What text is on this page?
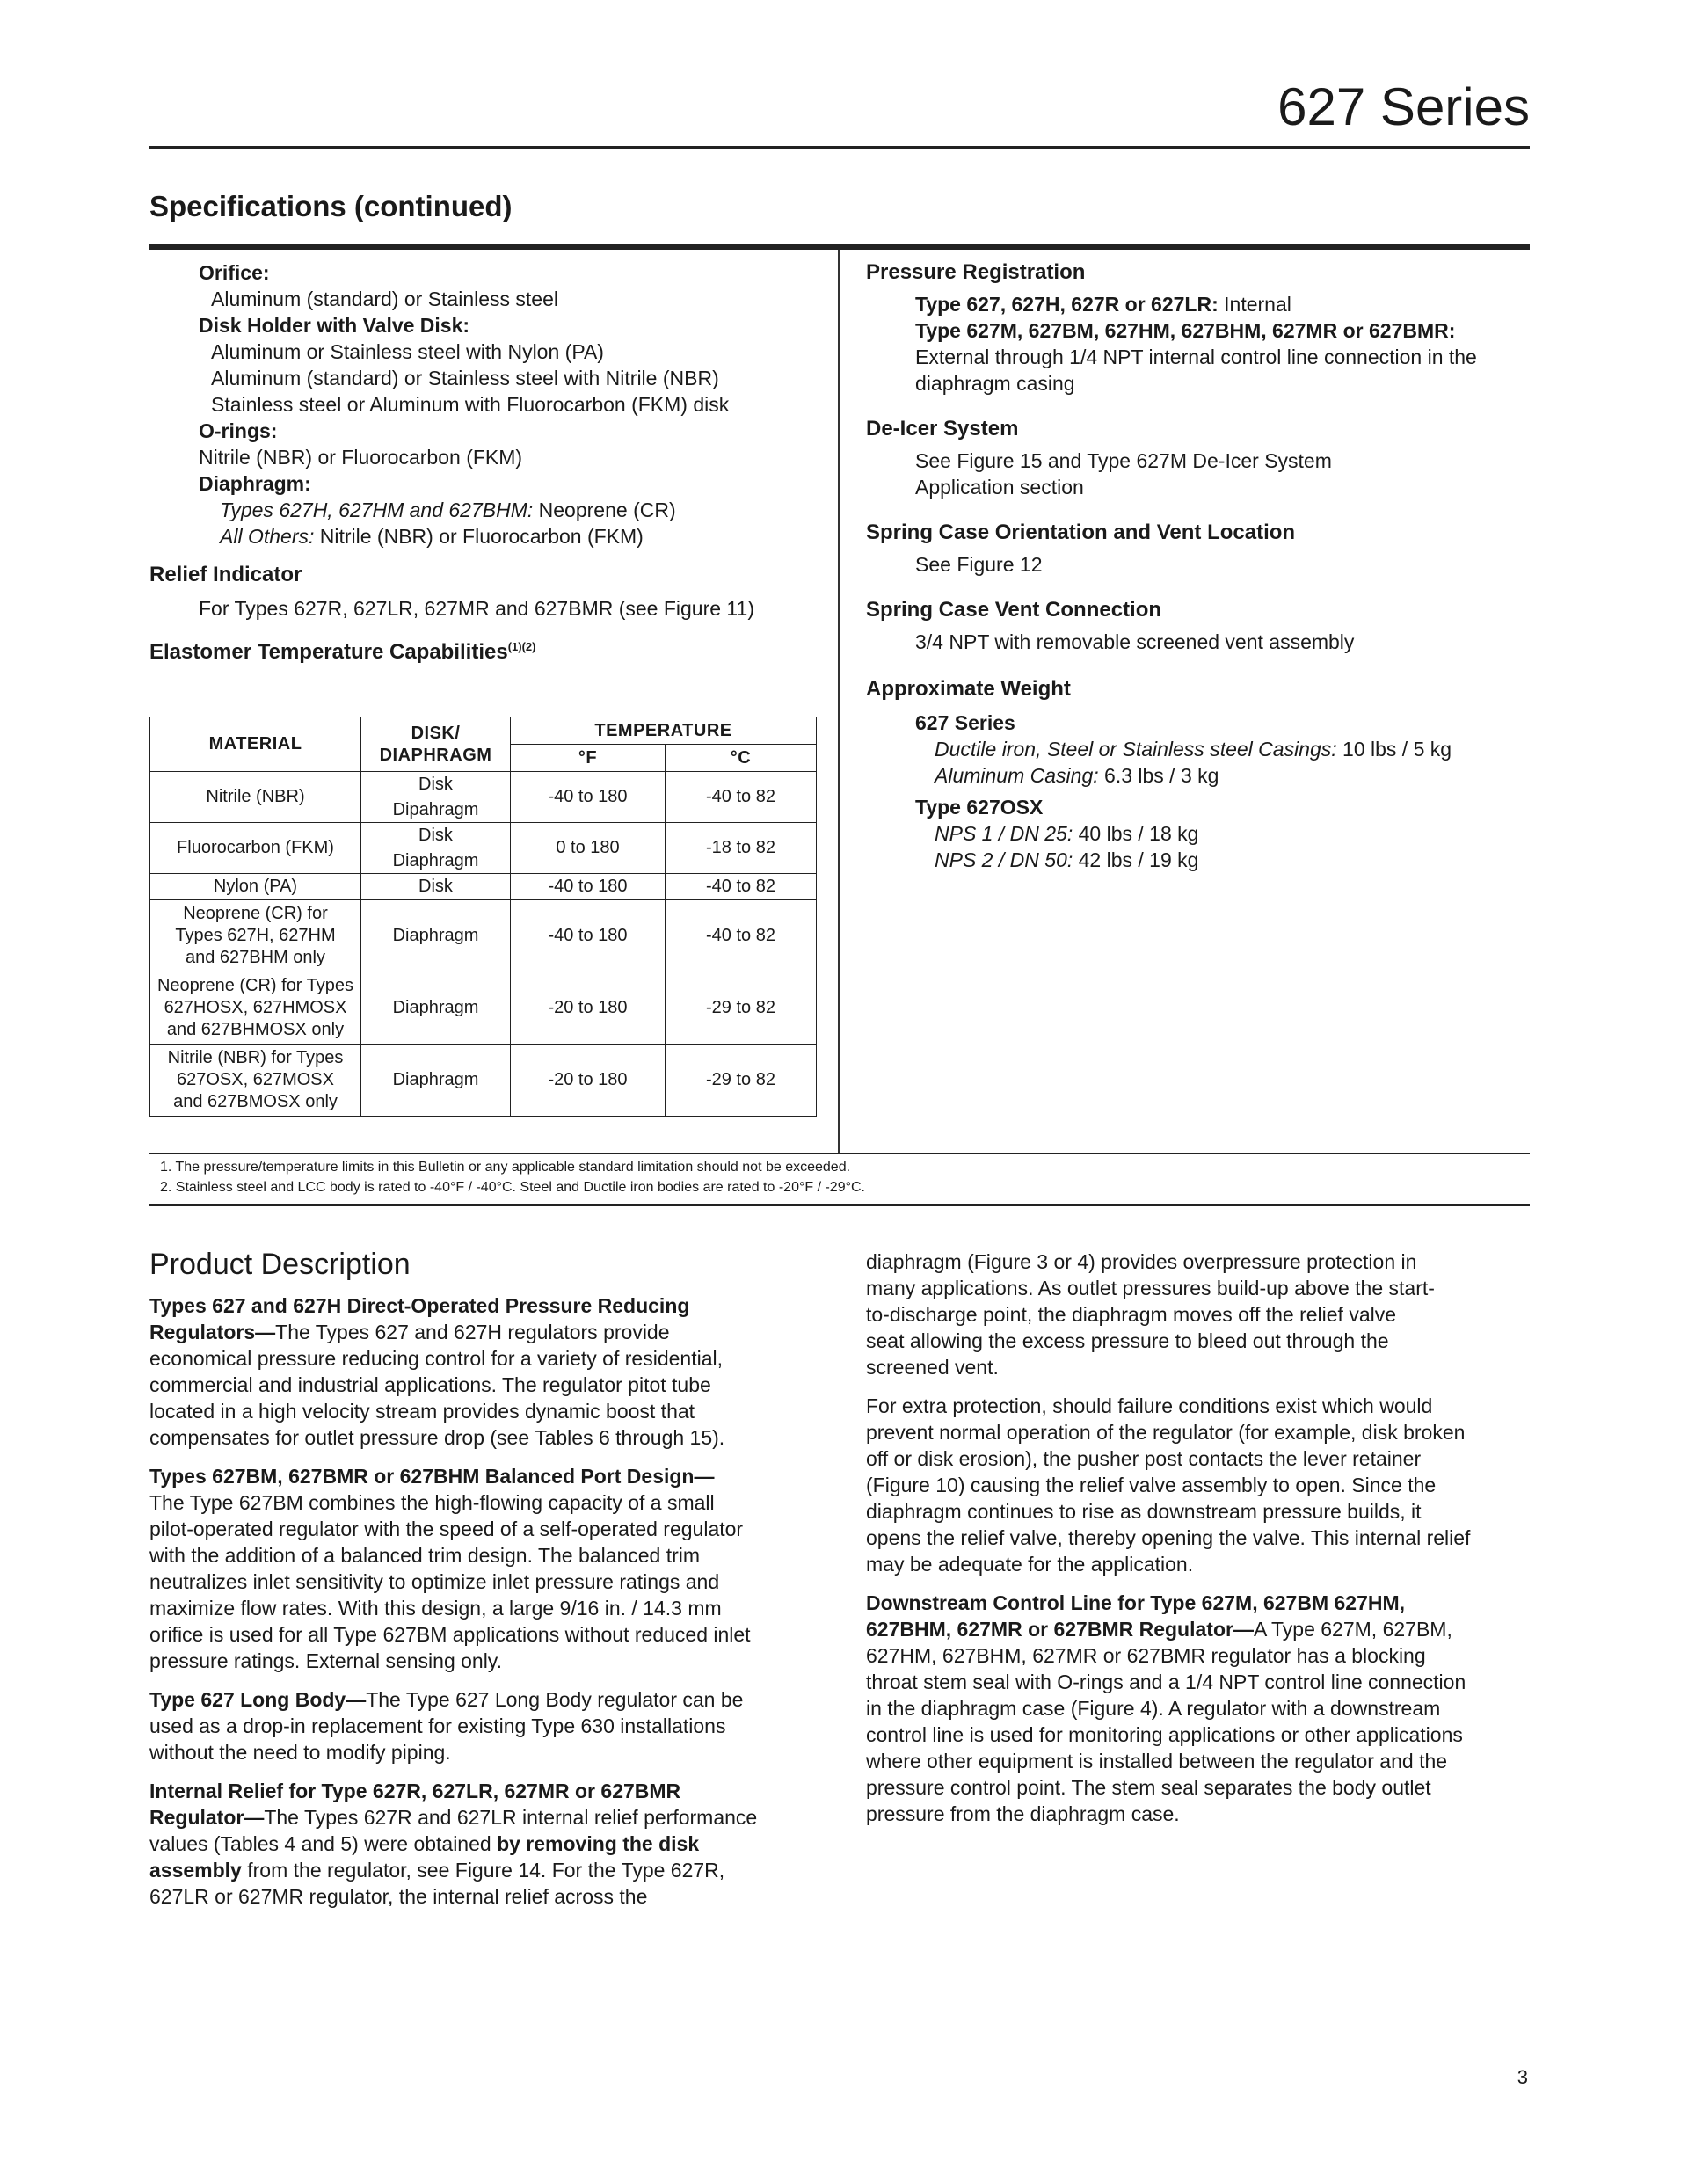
627 Series
Specifications (continued)
Orifice:
Aluminum (standard) or Stainless steel
Disk Holder with Valve Disk:
Aluminum or Stainless steel with Nylon (PA)
Aluminum (standard) or Stainless steel with Nitrile (NBR)
Stainless steel or Aluminum with Fluorocarbon (FKM) disk
O-rings:
Nitrile (NBR) or Fluorocarbon (FKM)
Diaphragm:
Types 627H, 627HM and 627BHM: Neoprene (CR)
All Others: Nitrile (NBR) or Fluorocarbon (FKM)
Relief Indicator
For Types 627R, 627LR, 627MR and 627BMR (see Figure 11)
Elastomer Temperature Capabilities$^{(1)(2)}$
MATERIAL	DISK/ DIAPHRAGM	TEMPERATURE	
		°F	°C
Nitrile (NBR)	Disk	-40 to 180	-40 to 82
	Dipahragm		
Fluorocarbon (FKM)	Disk	0 to 180	-18 to 82
	Diaphragm		
Nylon (PA)	Disk	-40 to 180	-40 to 82

Neoprene (CR) for
Types 627H, 627HM
and 627BHM only	Diaphragm	-40 to 180	-40 to 82

Neoprene (CR) for Types
627HOSX, 627HMOSX
and 627BHMOSX only	Diaphragm	-20 to 180	-29 to 82

Nitrile (NBR) for Types
627OSX, 627MOSX
and 627BMOSX only	Diaphragm	-20 to 180	-29 to 82
Pressure Registration
Type 627, 627H, 627R or 627LR: Internal
Type 627M, 627BM, 627HM, 627BHM, 627MR or 627BMR:
External through 1/4 NPT internal control line connection in the
diaphragm casing
De-Icer System
See Figure 15 and Type 627M De-Icer System
Application section
Spring Case Orientation and Vent Location
See Figure 12
Spring Case Vent Connection
3/4 NPT with removable screened vent assembly
Approximate Weight
627 Series
Ductile iron, Steel or Stainless steel Casings: 10 lbs / 5 kg
Aluminum Casing: 6.3 lbs / 3 kg
Type 627OSX
NPS 1 / DN 25: 40 lbs / 18 kg
NPS 2 / DN 50: 42 lbs / 19 kg
1. The pressure/temperature limits in this Bulletin or any applicable standard limitation should not be exceeded.
2. Stainless steel and LCC body is rated to -40°F / -40°C. Steel and Ductile iron bodies are rated to -20°F / -29°C.
Product Description

Types 627 and 627H Direct-Operated Pressure Reducing
Regulators—The Types 627 and 627H regulators provide
economical pressure reducing control for a variety of residential,
commercial and industrial applications. The regulator pitot tube
located in a high velocity stream provides dynamic boost that
compensates for outlet pressure drop (see Tables 6 through 15).

Types 627BM, 627BMR or 627BHM Balanced Port Design—
The Type 627BM combines the high-flowing capacity of a small
pilot-operated regulator with the speed of a self-operated regulator
with the addition of a balanced trim design. The balanced trim
neutralizes inlet sensitivity to optimize inlet pressure ratings and
maximize flow rates. With this design, a large 9/16 in. / 14.3 mm
orifice is used for all Type 627BM applications without reduced inlet
pressure ratings. External sensing only.

Type 627 Long Body—The Type 627 Long Body regulator can be
used as a drop-in replacement for existing Type 630 installations
without the need to modify piping.

Internal Relief for Type 627R, 627LR, 627MR or 627BMR
Regulator—The Types 627R and 627LR internal relief performance
values (Tables 4 and 5) were obtained by removing the disk
assembly from the regulator, see Figure 14. For the Type 627R,
627LR or 627MR regulator, the internal relief across the

diaphragm (Figure 3 or 4) provides overpressure protection in
many applications. As outlet pressures build-up above the start-
to-discharge point, the diaphragm moves off the relief valve
seat allowing the excess pressure to bleed out through the
screened vent.

For extra protection, should failure conditions exist which would
prevent normal operation of the regulator (for example, disk broken
off or disk erosion), the pusher post contacts the lever retainer
(Figure 10) causing the relief valve assembly to open. Since the
diaphragm continues to rise as downstream pressure builds, it
opens the relief valve, thereby opening the valve. This internal relief
may be adequate for the application.

Downstream Control Line for Type 627M, 627BM 627HM,
627BHM, 627MR or 627BMR Regulator—A Type 627M, 627BM,
627HM, 627BHM, 627MR or 627BMR regulator has a blocking
throat stem seal with O-rings and a 1/4 NPT control line connection
in the diaphragm case (Figure 4). A regulator with a downstream
control line is used for monitoring applications or other applications
where other equipment is installed between the regulator and the
pressure control point. The stem seal separates the body outlet
pressure from the diaphragm case.

3
